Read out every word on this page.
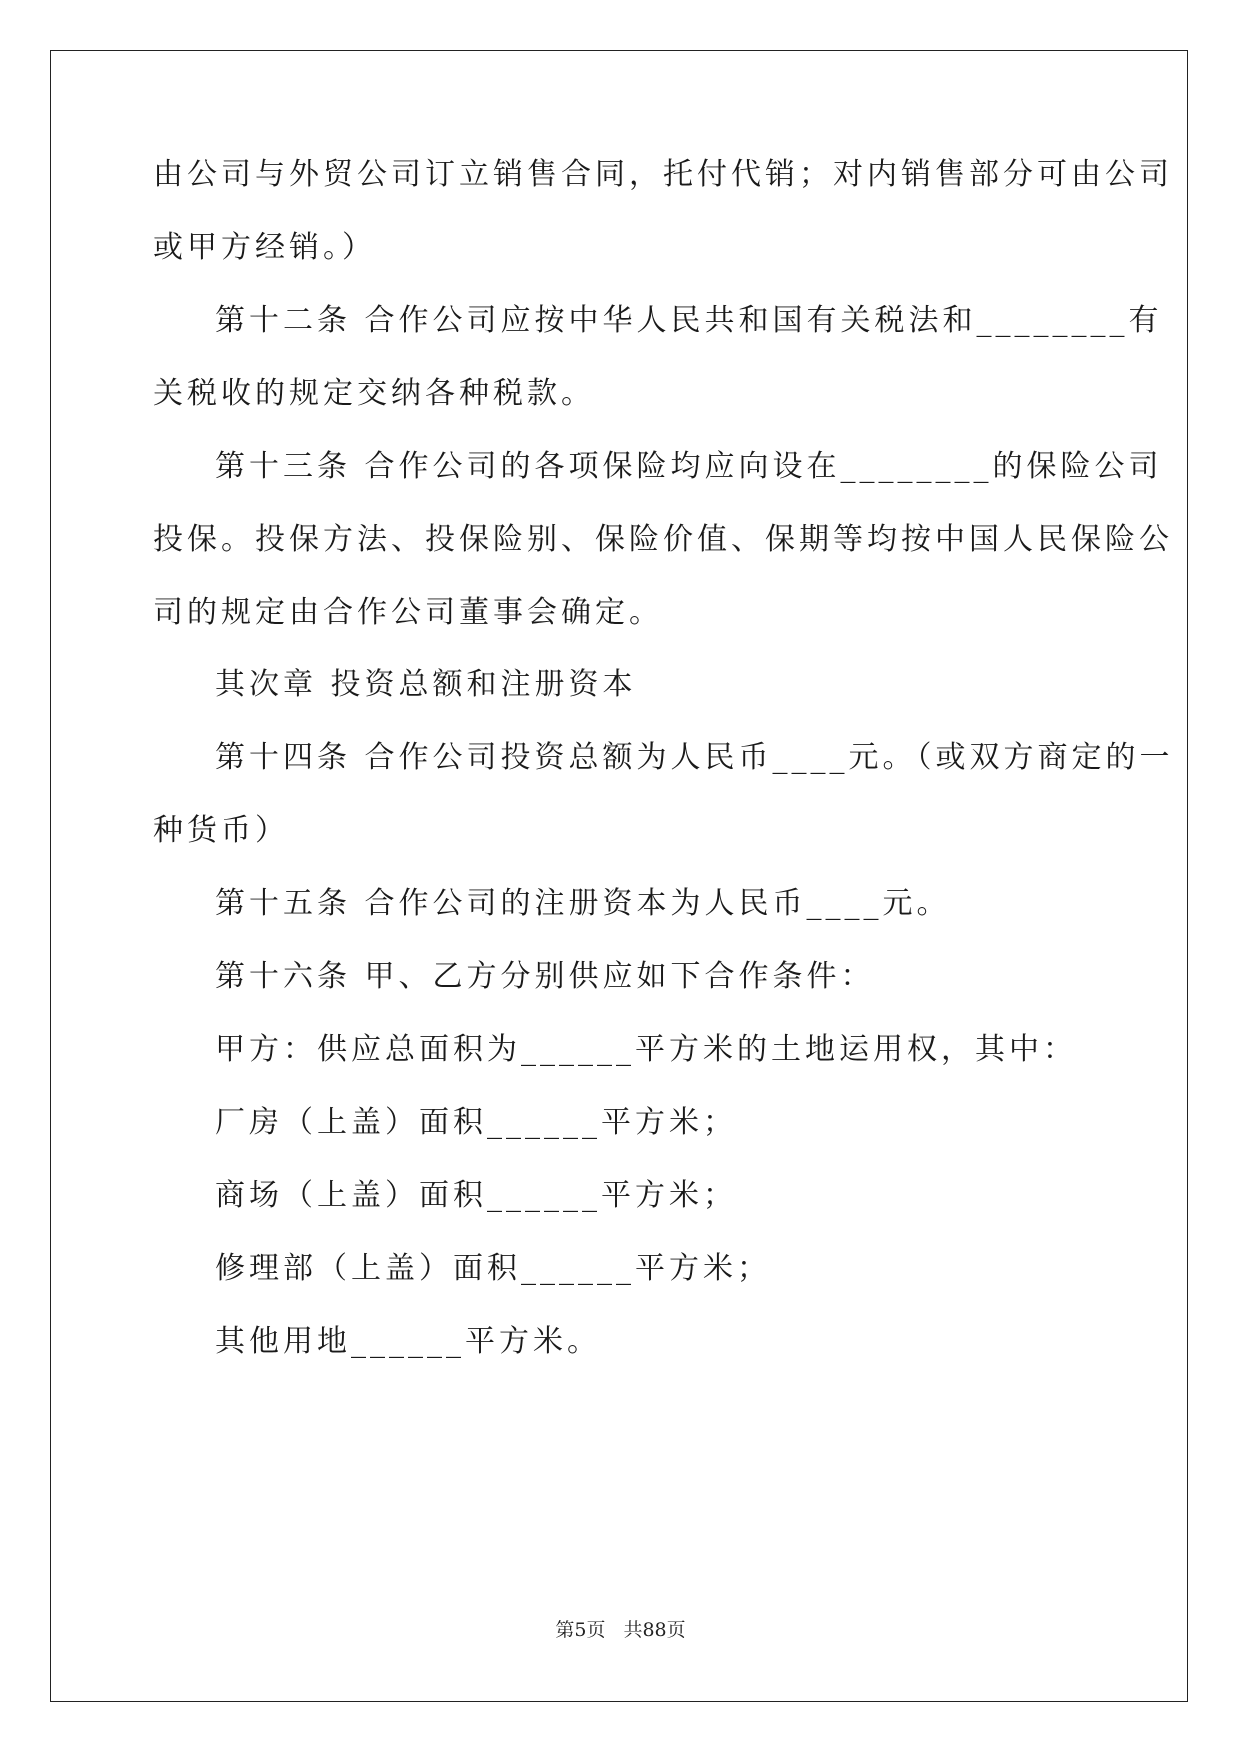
由公司与外贸公司订立销售合同，托付代销；对内销售部分可由公司
或甲方经销。）
第十二条 合作公司应按中华人民共和国有关税法和________有
关税收的规定交纳各种税款。
第十三条 合作公司的各项保险均应向设在________的保险公司
投保。投保方法、投保险别、保险价值、保期等均按中国人民保险公
司的规定由合作公司董事会确定。
其次章 投资总额和注册资本
第十四条 合作公司投资总额为人民币____元。（或双方商定的一
种货币）
第十五条 合作公司的注册资本为人民币____元。
第十六条 甲、乙方分别供应如下合作条件：
甲方：供应总面积为______平方米的土地运用权，其中：
厂房（上盖）面积______平方米；
商场（上盖）面积______平方米；
修理部（上盖）面积______平方米；
其他用地______平方米。
第5页 共88页
